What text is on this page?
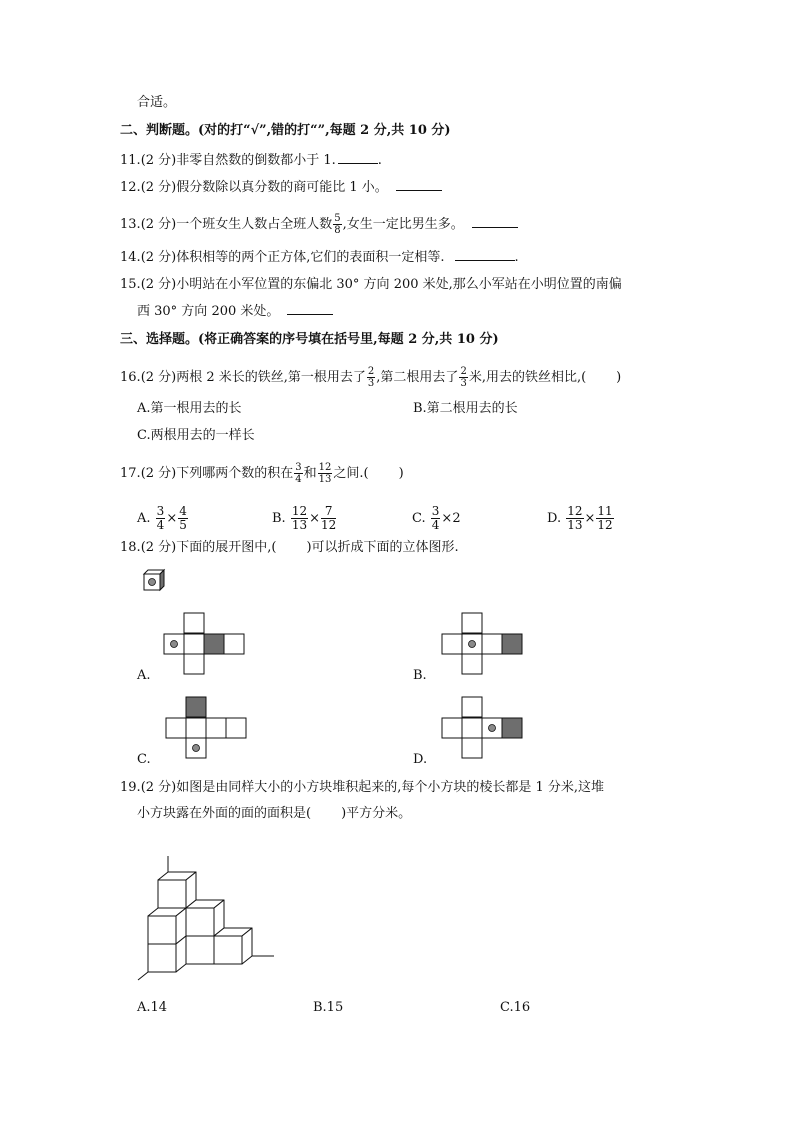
合适。
二、判断题。(对的打“√”,错的打“”,每题 2 分,共 10 分)
11.(2 分)非零自然数的倒数都小于 1.	.
12.(2 分)假分数除以真分数的商可能比 1 小。
13.(2 分)一个班女生人数占全班人数 $\frac{5}{8}$ ,女生一定比男生多。
14.(2 分)体积相等的两个正方体,它们的表面积一定相等.	.
15.(2 分)小明站在小军位置的东偏北 30° 方向 200 米处,那么小军站在小明位置的南偏
西 30° 方向 200 米处。
三、选择题。(将正确答案的序号填在括号里,每题 2 分,共 10 分)
16.(2 分)两根 2 米长的铁丝,第一根用去了 $\frac{2}{3}$ ,第二根用去了 $\frac{2}{3}$ 米,用去的铁丝相比,( )
A.第一根用去的长	B.第二根用去的长
C.两根用去的一样长
17.(2 分)下列哪两个数的积在 $\frac{3}{4}$ 和 $\frac{12}{13}$ 之间.( )
A. $\frac{3}{4} \times \frac{4}{5}$	B. $\frac{12}{13} \times \frac{7}{12}$	C. $\frac{3}{4} \times 2$	D. $\frac{12}{13} \times \frac{11}{12}$
18.(2 分)下面的展开图中,( )可以折成下面的立体图形.
A.	B.
C.	D.
19.(2 分)如图是由同样大小的小方块堆积起来的,每个小方块的棱长都是 1 分米,这堆
小方块露在外面的面的面积是( )平方分米。
A.14	B.15	C.16
